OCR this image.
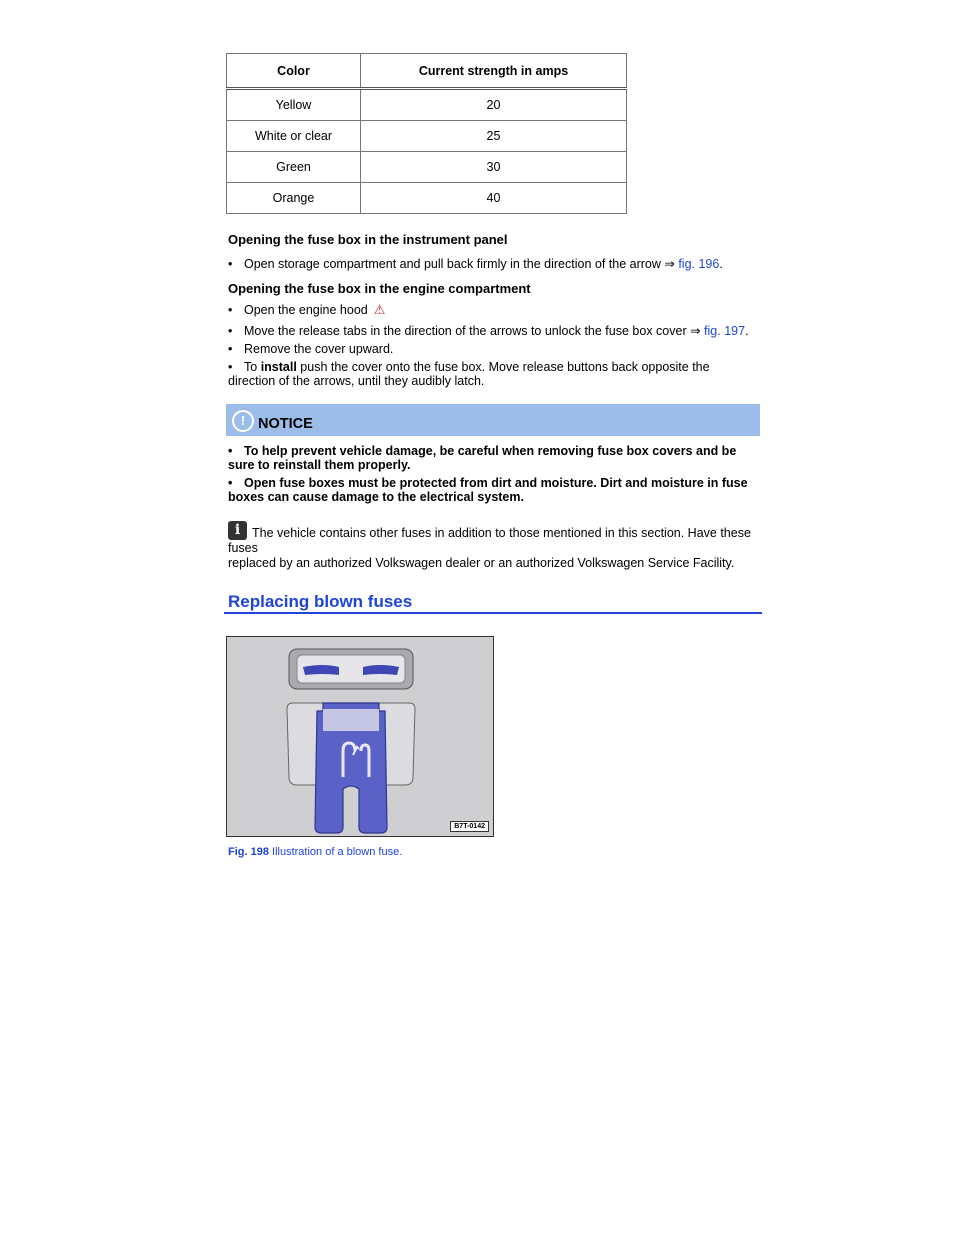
Color	Current strength in amps
Yellow	20
White or clear	25
Green	30
Orange	40
Opening the fuse box in the instrument panel

• Open storage compartment and pull back firmly in the direction of the arrow ⇒ fig. 196.

Opening the fuse box in the engine compartment

• Open the engine hood ⚠

• Move the release tabs in the direction of the arrows to unlock the fuse box cover ⇒ fig. 197.

• Remove the cover upward.

• To install push the cover onto the fuse box. Move release buttons back opposite the direction of the arrows, until they audibly latch.

! NOTICE

• To help prevent vehicle damage, be careful when removing fuse box covers and be sure to reinstall them properly.

• Open fuse boxes must be protected from dirt and moisture. Dirt and moisture in fuse boxes can cause damage to the electrical system.

i The vehicle contains other fuses in addition to those mentioned in this section. Have these fuses
replaced by an authorized Volkswagen dealer or an authorized Volkswagen Service Facility.

Replacing blown fuses
B7T-0142

Fig. 198 Illustration of a blown fuse.
